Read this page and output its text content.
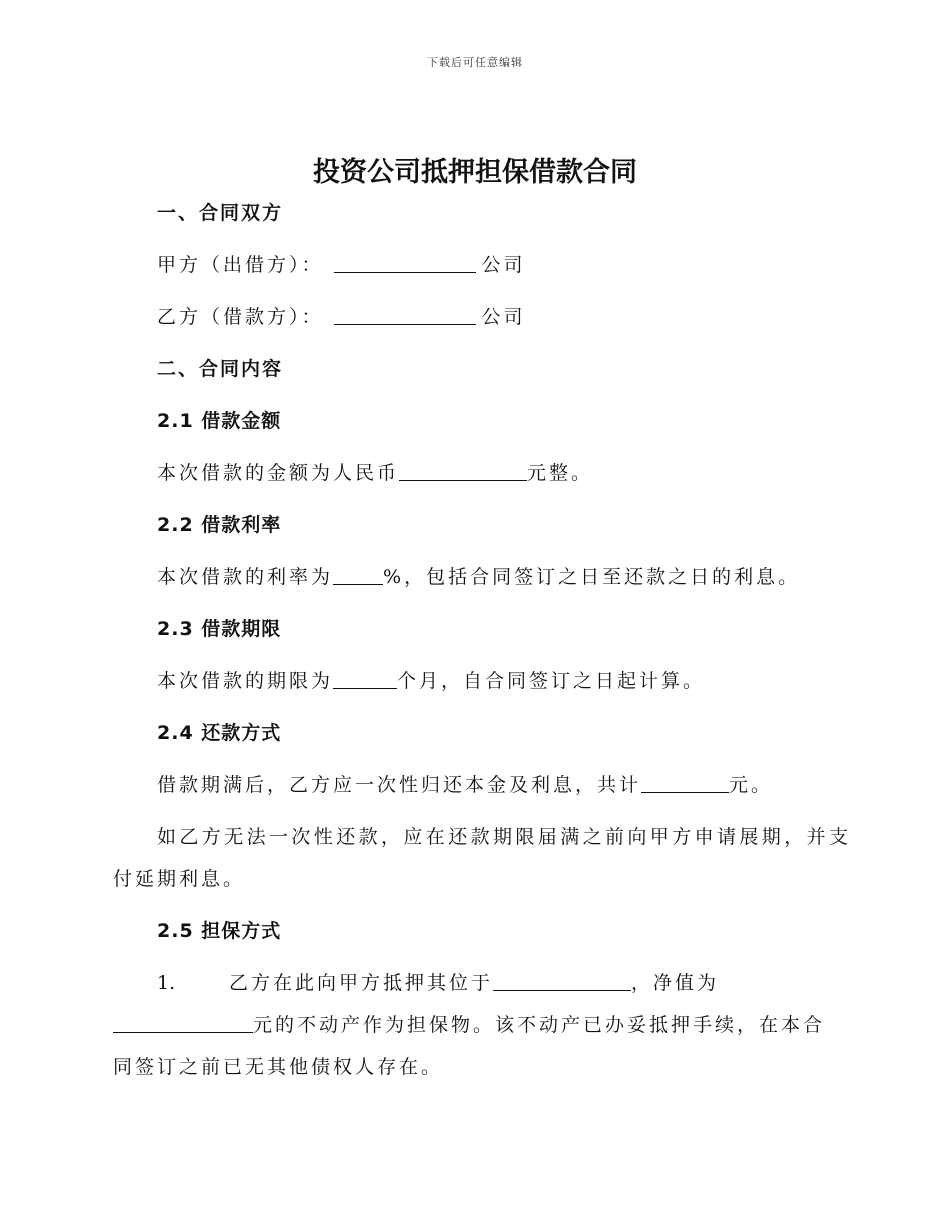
下载后可任意编辑
投资公司抵押担保借款合同
一、合同双方
甲方（出借方）：	公司
乙方（借款方）：	公司
二、合同内容
2.1 借款金额
本次借款的金额为人民币	元整。
2.2 借款利率
本次借款的利率为	%，包括合同签订之日至还款之日的利息。
2.3 借款期限
本次借款的期限为	个月，自合同签订之日起计算。
2.4 还款方式
借款期满后，乙方应一次性归还本金及利息，共计	元。
如乙方无法一次性还款，应在还款期限届满之前向甲方申请展期，并支
付延期利息。
2.5 担保方式
1.	乙方在此向甲方抵押其位于	，净值为
元的不动产作为担保物。该不动产已办妥抵押手续，在本合
同签订之前已无其他债权人存在。
